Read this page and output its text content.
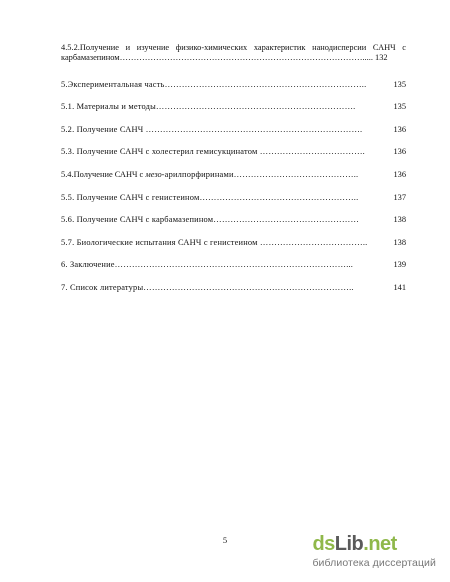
4.5.2.Получение и изучение физико-химических характеристик нанодисперсии САНЧ с карбамазепином……………………………………………………………………………..... 132
5.Экспериментальная часть……………………………………………………………..	135
5.1. Материалы и методы…………………………………………………………….	135
5.2. Получение САНЧ ………………………………………………………………….	136
5.3. Получение САНЧ с холестерил гемисукцинатом ……………………………….	136
5.4.Получение САНЧ с мезо-арилпорфиринами……………………………………..	136
5.5. Получение САНЧ с генистеином………………………………………………..	137
5.6. Получение САНЧ с карбамазепином……………………………………………	138
5.7. Биологические испытания САНЧ с генистеином ………………………………..	138
6. Заключение………………………………………………………………………...	139
7. Список литературы………………………………………………………………..	141
5	ds Lib . net
библиотека диссертаций
